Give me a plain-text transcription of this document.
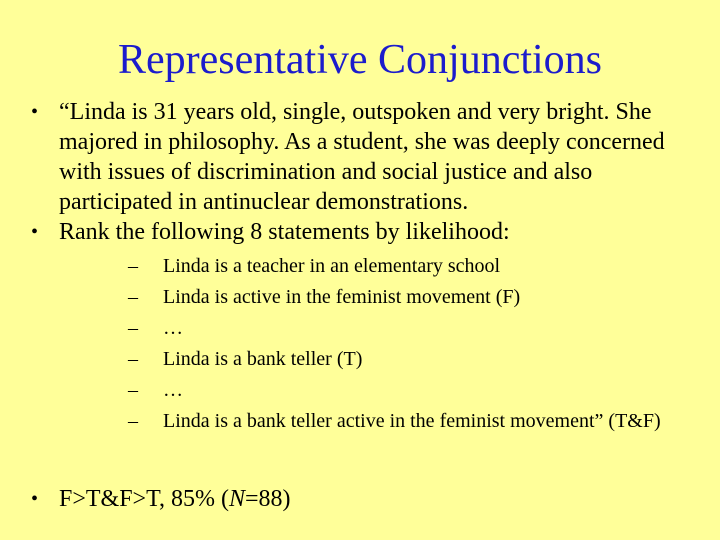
Representative Conjunctions
• “Linda is 31 years old, single, outspoken and very bright. She majored in philosophy. As a student, she was deeply concerned with issues of discrimination and social justice and also participated in antinuclear demonstrations.
• Rank the following 8 statements by likelihood:
– Linda is a teacher in an elementary school
– Linda is active in the feminist movement (F)
– …
– Linda is a bank teller (T)
– …
– Linda is a bank teller active in the feminist movement” (T&F)
• F>T&F>T, 85% (N=88)
